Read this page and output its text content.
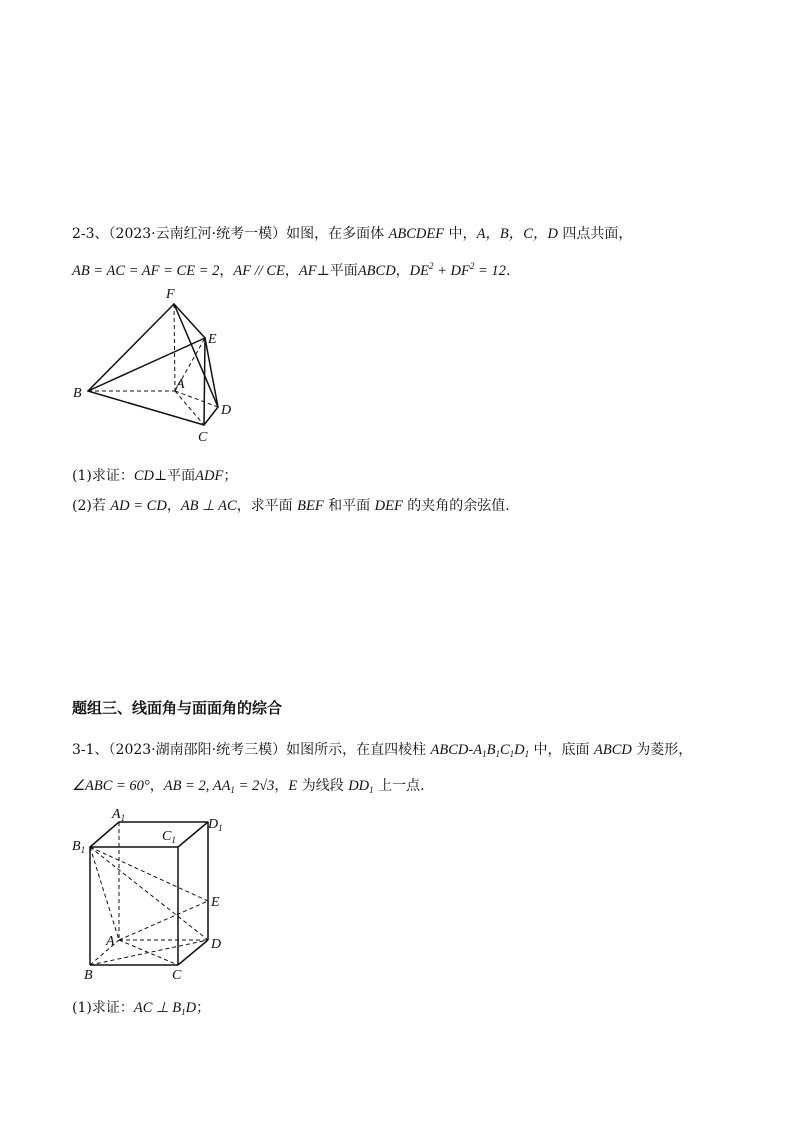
2-3、（2023·云南红河·统考一模）如图，在多面体 ABCDEF 中，A，B，C，D 四点共面，
AB = AC = AF = CE = 2，AF // CE，AF⊥平面ABCD，$DE^2 + DF^2 = 12$.
F
E
A
B
C
D
(1)求证：CD⊥平面ADF；
(2)若 AD = CD，AB ⊥ AC，求平面 BEF 和平面 DEF 的夹角的余弦值.
题组三、线面角与面面角的综合
3-1、（2023·湖南邵阳·统考三模）如图所示，在直四棱柱 ABCD-$A_1B_1C_1D_1$ 中，底面 ABCD 为菱形，
∠ABC = 60°，AB = 2, $AA_1 = 2√3$，E 为线段 $DD_1$ 上一点.
$A_1$
$C_1$
$D_1$
$B_1$
E
A	D
B	C
(1)求证：AC ⊥ $B_1D$；
